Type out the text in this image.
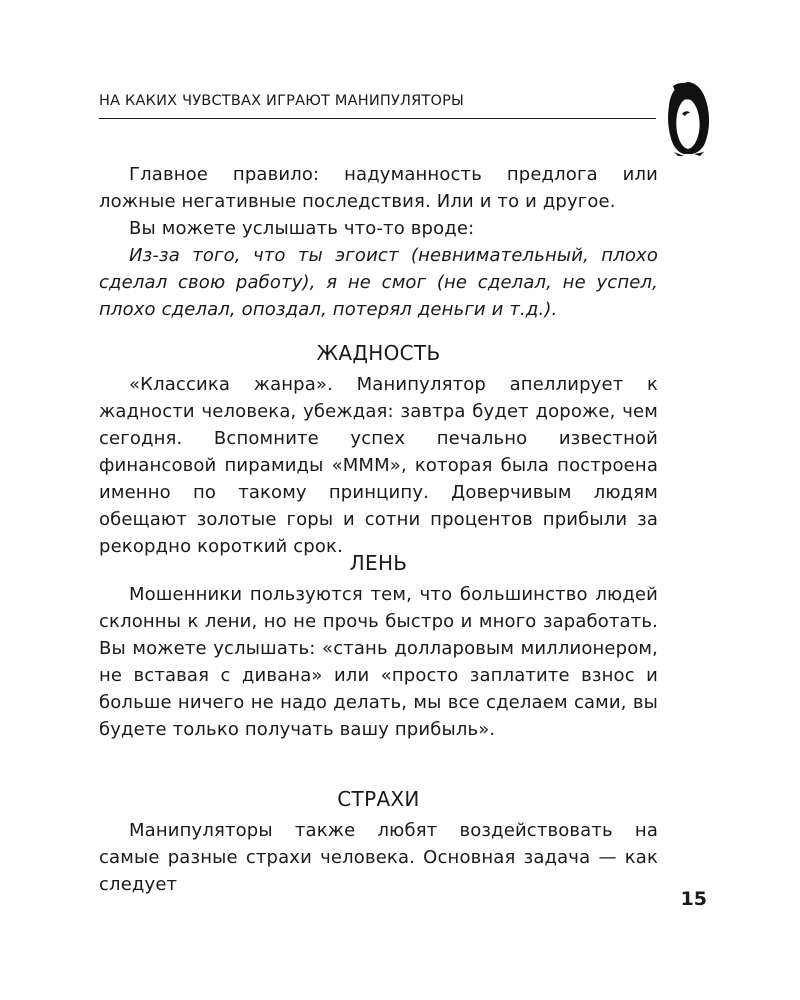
НА КАКИХ ЧУВСТВАХ ИГРАЮТ МАНИПУЛЯТОРЫ

Главное правило: надуманность предлога или ложные негативные последствия. Или и то и другое.

Вы можете услышать что-то вроде:

Из-за того, что ты эгоист (невнимательный, плохо сделал свою работу), я не смог (не сделал, не успел, плохо сделал, опоздал, потерял деньги и т.д.).

ЖАДНОСТЬ

«Классика жанра». Манипулятор апеллирует к жадности человека, убеждая: завтра будет дороже, чем сегодня. Вспомните успех печально известной финансовой пирамиды «МММ», которая была построена именно по такому принципу. Доверчивым людям обещают золотые горы и сотни процентов прибыли за рекордно короткий срок.

ЛЕНЬ

Мошенники пользуются тем, что большинство людей склонны к лени, но не прочь быстро и много заработать. Вы можете услышать: «стань долларовым миллионером, не вставая с дивана» или «просто заплатите взнос и больше ничего не надо делать, мы все сделаем сами, вы будете только получать вашу прибыль».

СТРАХИ

Манипуляторы также любят воздействовать на самые разные страхи человека. Основная задача — как следует

15
